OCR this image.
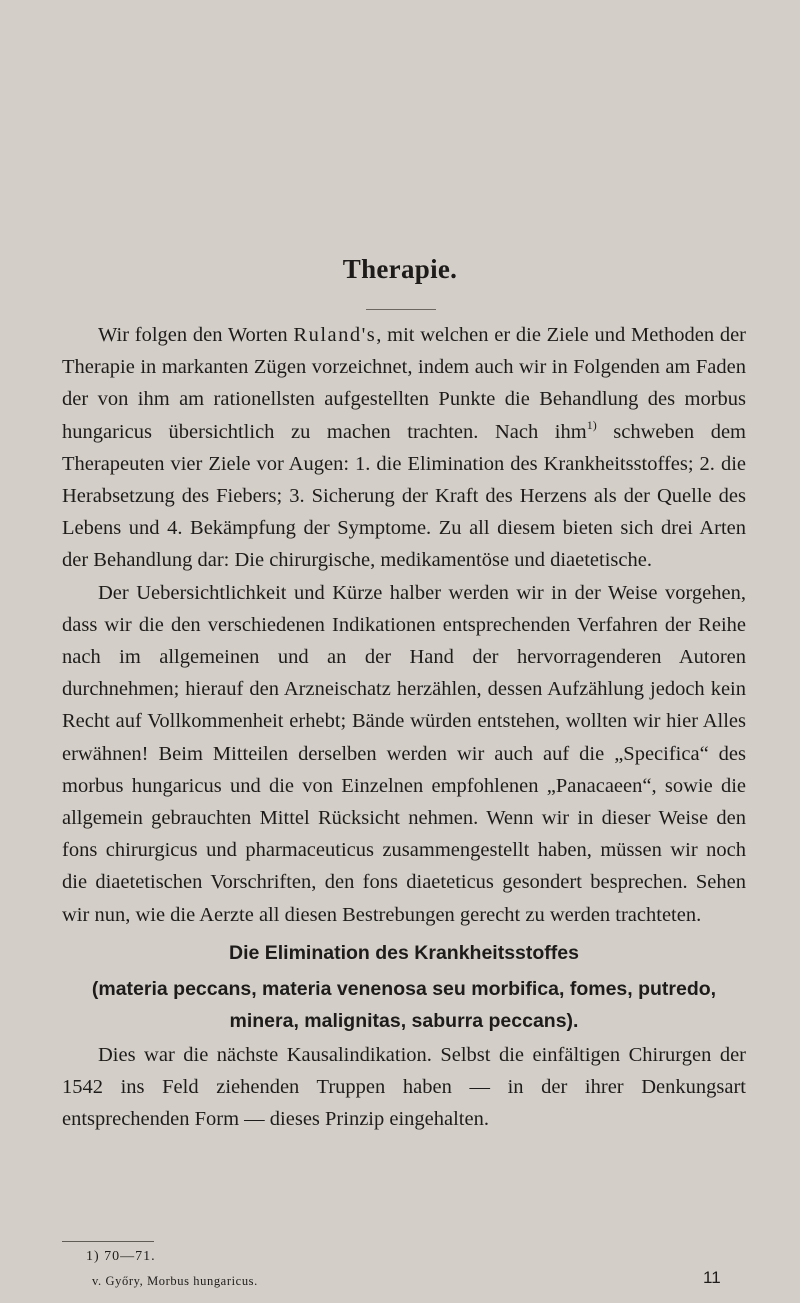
Therapie.

Wir folgen den Worten Ruland's, mit welchen er die Ziele und Methoden der Therapie in markanten Zügen vorzeichnet, indem auch wir in Folgenden am Faden der von ihm am rationellsten aufgestellten Punkte die Behandlung des morbus hungaricus übersichtlich zu machen trachten. Nach ihm$^{1)}$ schweben dem Therapeuten vier Ziele vor Augen: 1. die Elimination des Krankheitsstoffes; 2. die Herabsetzung des Fiebers; 3. Sicherung der Kraft des Herzens als der Quelle des Lebens und 4. Bekämpfung der Symptome. Zu all diesem bieten sich drei Arten der Behandlung dar: Die chirurgische, medikamentöse und diaetetische.

Der Uebersichtlichkeit und Kürze halber werden wir in der Weise vorgehen, dass wir die den verschiedenen Indikationen entsprechenden Verfahren der Reihe nach im allgemeinen und an der Hand der hervorragenderen Autoren durchnehmen; hierauf den Arzneischatz herzählen, dessen Aufzählung jedoch kein Recht auf Vollkommenheit erhebt; Bände würden entstehen, wollten wir hier Alles erwähnen! Beim Mitteilen derselben werden wir auch auf die „Specifica“ des morbus hungaricus und die von Einzelnen empfohlenen „Panacaeen“, sowie die allgemein gebrauchten Mittel Rücksicht nehmen. Wenn wir in dieser Weise den fons chirurgicus und pharmaceuticus zusammengestellt haben, müssen wir noch die diaetetischen Vorschriften, den fons diaeteticus gesondert besprechen. Sehen wir nun, wie die Aerzte all diesen Bestrebungen gerecht zu werden trachteten.

Die Elimination des Krankheitsstoffes
(materia peccans, materia venenosa seu morbifica, fomes, putredo, minera, malignitas, saburra peccans).

Dies war die nächste Kausalindikation. Selbst die einfältigen Chirurgen der 1542 ins Feld ziehenden Truppen haben — in der ihrer Denkungsart entsprechenden Form — dieses Prinzip eingehalten.

1) 70—71.
v. Győry, Morbus hungaricus.	11
